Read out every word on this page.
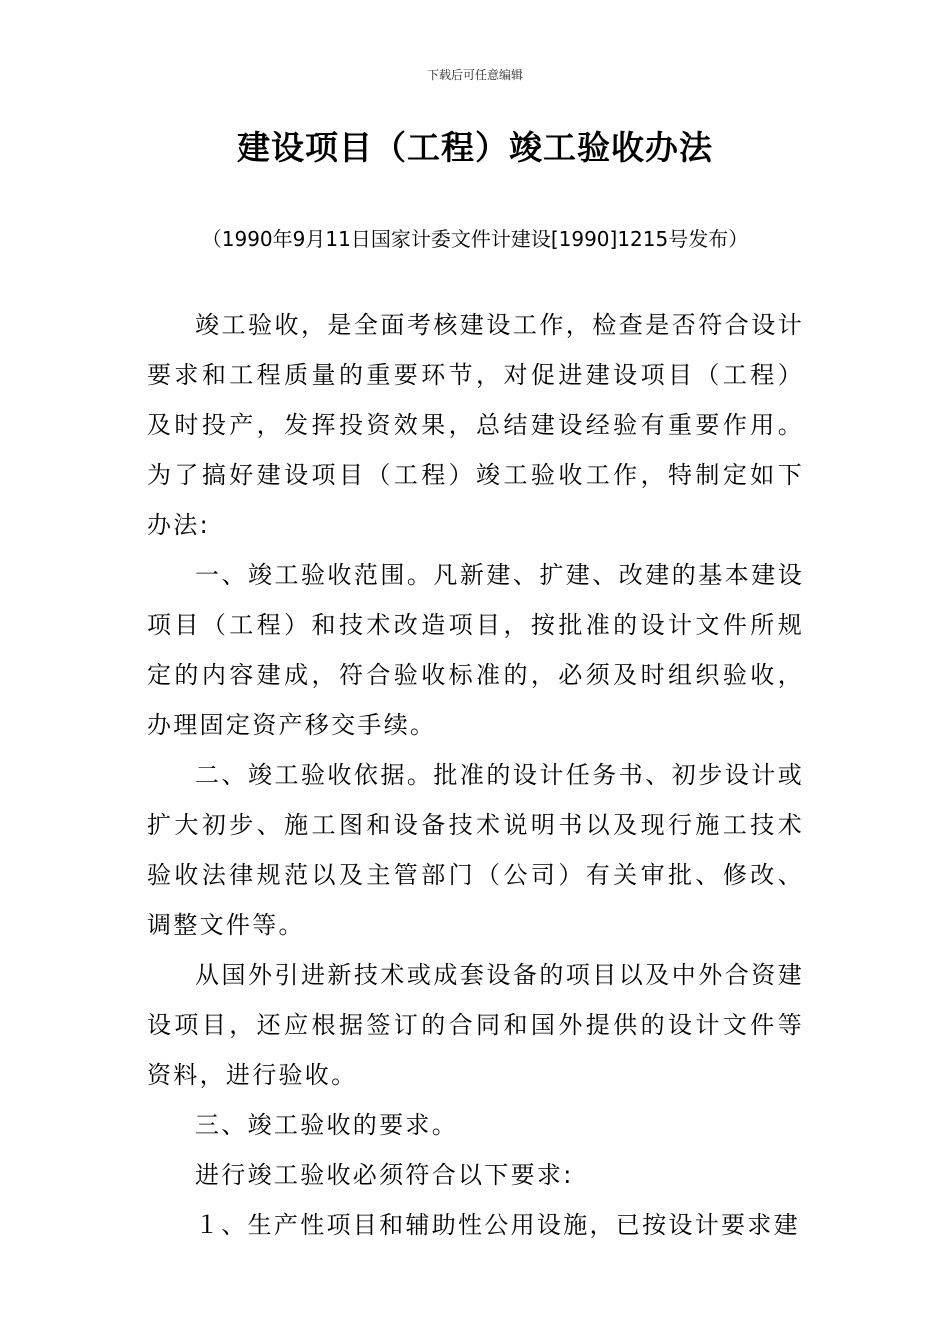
下载后可任意编辑
建设项目（工程）竣工验收办法

（1990年9月11日国家计委文件计建设[1990]1215号发布）

竣工验收，是全面考核建设工作，检查是否符合设计要求和工程质量的重要环节，对促进建设项目（工程）及时投产，发挥投资效果，总结建设经验有重要作用。为了搞好建设项目（工程）竣工验收工作，特制定如下办法:

一、竣工验收范围。凡新建、扩建、改建的基本建设项目（工程）和技术改造项目，按批准的设计文件所规定的内容建成，符合验收标准的，必须及时组织验收，办理固定资产移交手续。

二、竣工验收依据。批准的设计任务书、初步设计或扩大初步、施工图和设备技术说明书以及现行施工技术验收法律规范以及主管部门（公司）有关审批、修改、调整文件等。

从国外引进新技术或成套设备的项目以及中外合资建设项目，还应根据签订的合同和国外提供的设计文件等资料，进行验收。

三、竣工验收的要求。

进行竣工验收必须符合以下要求:

１、生产性项目和辅助性公用设施，已按设计要求建
